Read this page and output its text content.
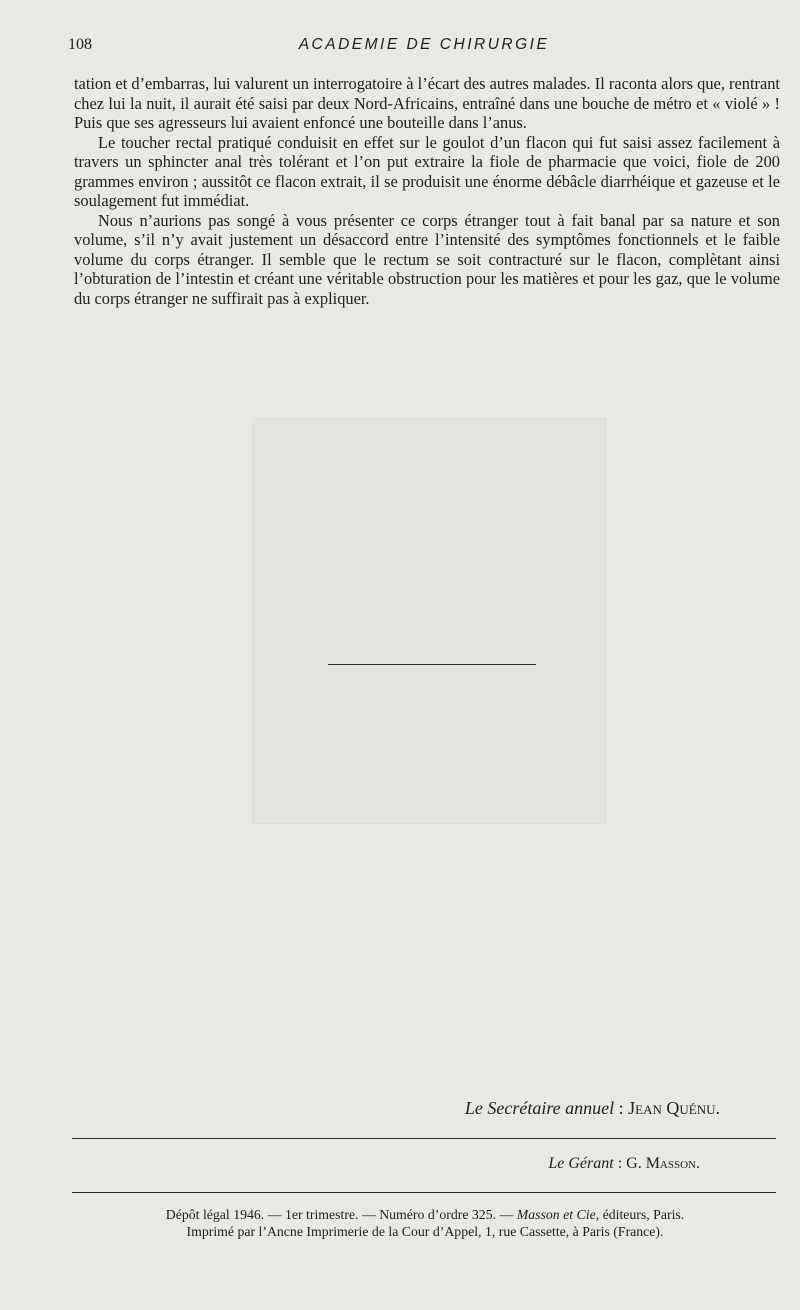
108	ACADEMIE DE CHIRURGIE

tation et d’embarras, lui valurent un interrogatoire à l’écart des autres malades. Il raconta alors que, rentrant chez lui la nuit, il aurait été saisi par deux Nord-Africains, entraîné dans une bouche de métro et « violé » ! Puis que ses agresseurs lui avaient enfoncé une bouteille dans l’anus.

Le toucher rectal pratiqué conduisit en effet sur le goulot d’un flacon qui fut saisi assez facilement à travers un sphincter anal très tolérant et l’on put extraire la fiole de pharmacie que voici, fiole de 200 grammes environ ; aussitôt ce flacon extrait, il se produisit une énorme débâcle diarrhéique et gazeuse et le soulagement fut immédiat.

Nous n’aurions pas songé à vous présenter ce corps étranger tout à fait banal par sa nature et son volume, s’il n’y avait justement un désaccord entre l’intensité des symptômes fonctionnels et le faible volume du corps étranger. Il semble que le rectum se soit contracturé sur le flacon, complètant ainsi l’obturation de l’intestin et créant une véritable obstruction pour les matières et pour les gaz, que le volume du corps étranger ne suffirait pas à expliquer.

Le Secrétaire annuel : Jean Quénu.
Le Gérant : G. Masson.
Dépôt légal 1946. — 1er trimestre. — Numéro d’ordre 325. — Masson et Cie, éditeurs, Paris.
Imprimé par l’Ancne Imprimerie de la Cour d’Appel, 1, rue Cassette, à Paris (France).
